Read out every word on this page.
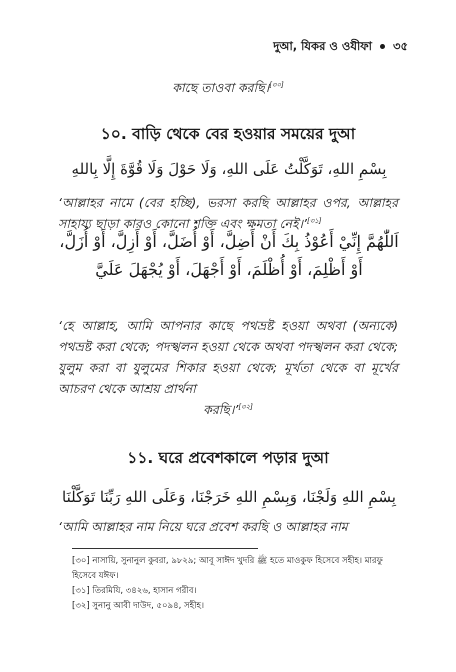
দুআ, যিকর ও ওযীফা ৩৫
কাছে তাওবা করছি।[৩০]
১০. বাড়ি থেকে বের হওয়ার সময়ের দুআ
بِسْمِ اللهِ، تَوَكَّلْتُ عَلَى اللهِ، وَلَا حَوْلَ وَلَا قُوَّةَ إِلَّا بِاللهِ
‘আল্লাহর নামে (বের হচ্ছি), ভরসা করছি আল্লাহর ওপর, আল্লাহর সাহায্য ছাড়া কারও কোনো শক্তি এবং ক্ষমতা নেই।’[৩১]
اَللّٰهُمَّ إِنِّيْ أَعُوْذُ بِكَ أَنْ أَضِلَّ، أَوْ أُضَلَّ، أَوْ أَزِلَّ، أَوْ أُزَلَّ، أَوْ أَظْلِمَ، أَوْ أُظْلَمَ، أَوْ أَجْهَلَ، أَوْ يُجْهَلَ عَلَيَّ
‘হে আল্লাহ, আমি আপনার কাছে পথভ্রষ্ট হওয়া অথবা (অন্যকে) পথভ্রষ্ট করা থেকে; পদস্খলন হওয়া থেকে অথবা পদস্খলন করা থেকে; যুলুম করা বা যুলুমের শিকার হওয়া থেকে; মূর্খতা থেকে বা মূর্খের আচরণ থেকে আশ্রয় প্রার্থনা
করছি।’[৩২]
১১. ঘরে প্রবেশকালে পড়ার দুআ
بِسْمِ اللهِ وَلَجْنَا، وَبِسْمِ اللهِ خَرَجْنَا، وَعَلَى اللهِ رَبِّنَا تَوَكَّلْنَا
‘আমি আল্লাহর নাম নিয়ে ঘরে প্রবেশ করছি ও আল্লাহর নাম
[৩০] নাসায়ি, সুনানুল কুবরা, ৯৮২৯; আবূ সাঈদ খুদরি ﷺ হতে মাওকুফ হিসেবে সহীহ। মারফু
হিসেবে যঈফ।
[৩১] তিরমিযি, ৩৪২৬, হাসান গরীব।
[৩২] সুনানু আবী দাউদ, ৫০৯৪, সহীহ।
